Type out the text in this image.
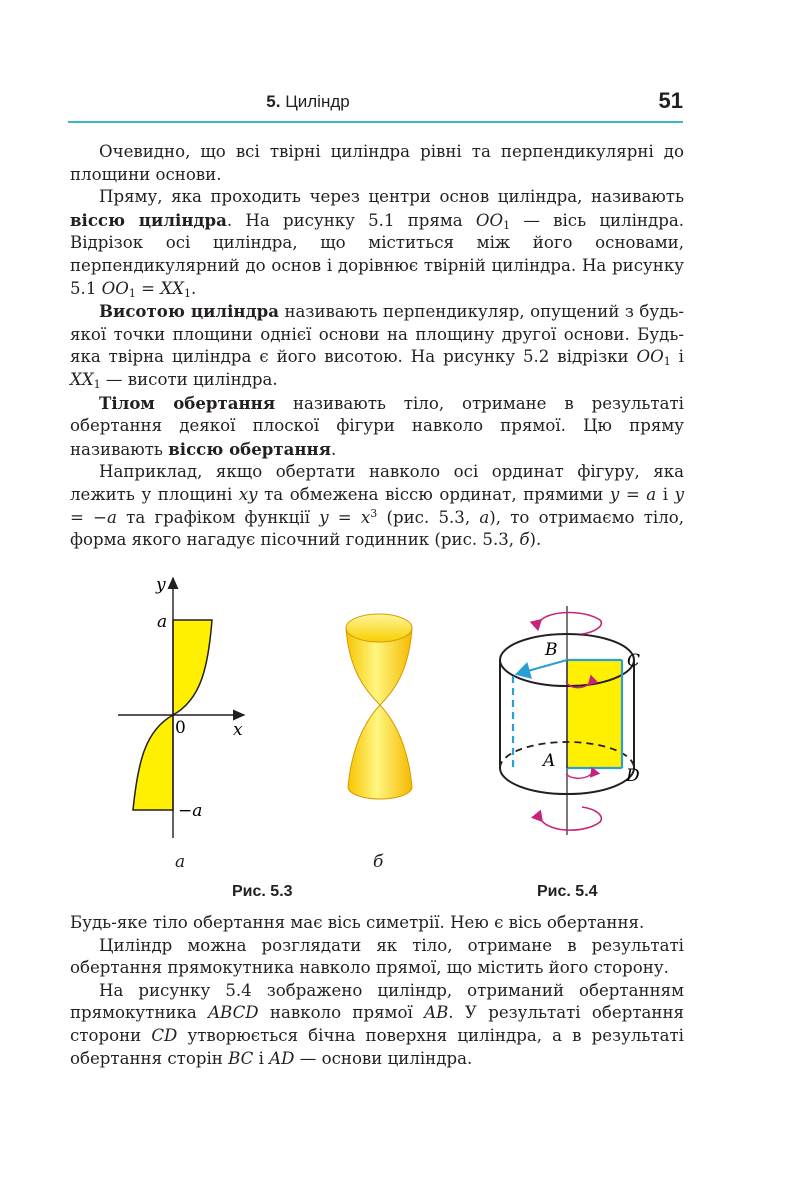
5. Циліндр	51

Очевидно, що всі твірні циліндра рівні та перпендикулярні до площини основи.

Пряму, яка проходить через центри основ циліндра, називають віссю циліндра. На рисунку 5.1 пряма $OO_1$ — вісь циліндра. Відрізок осі циліндра, що міститься між його основами, перпендикулярний до основ і дорівнює твірній циліндра. На рисунку 5.1 $OO_1 = XX_1$.

Висотою циліндра називають перпендикуляр, опущений з будь-якої точки площини однієї основи на площину другої основи. Будь-яка твірна циліндра є його висотою. На рисунку 5.2 відрізки $OO_1$ і $XX_1$ — висоти циліндра.

Тілом обертання називають тіло, отримане в результаті обертання деякої плоскої фігури навколо прямої. Цю пряму називають віссю обертання.

Наприклад, якщо обертати навколо осі ординат фігуру, яка лежить у площині xy та обмежена віссю ординат, прямими y = a і y = −a та графіком функції $y = x^3$ (рис. 5.3, а), то отримаємо тіло, форма якого нагадує пісочний годинник (рис. 5.3, б).

y
x
a
−a
0
B
C
A
D
а	б
Рис. 5.3	Рис. 5.4

Будь-яке тіло обертання має вісь симетрії. Нею є вісь обертання.

Циліндр можна розглядати як тіло, отримане в результаті обертання прямокутника навколо прямої, що містить його сторону.

На рисунку 5.4 зображено циліндр, отриманий обертанням прямокутника ABCD навколо прямої AB. У результаті обертання сторони CD утворюється бічна поверхня циліндра, а в результаті обертання сторін BC і AD — основи циліндра.
